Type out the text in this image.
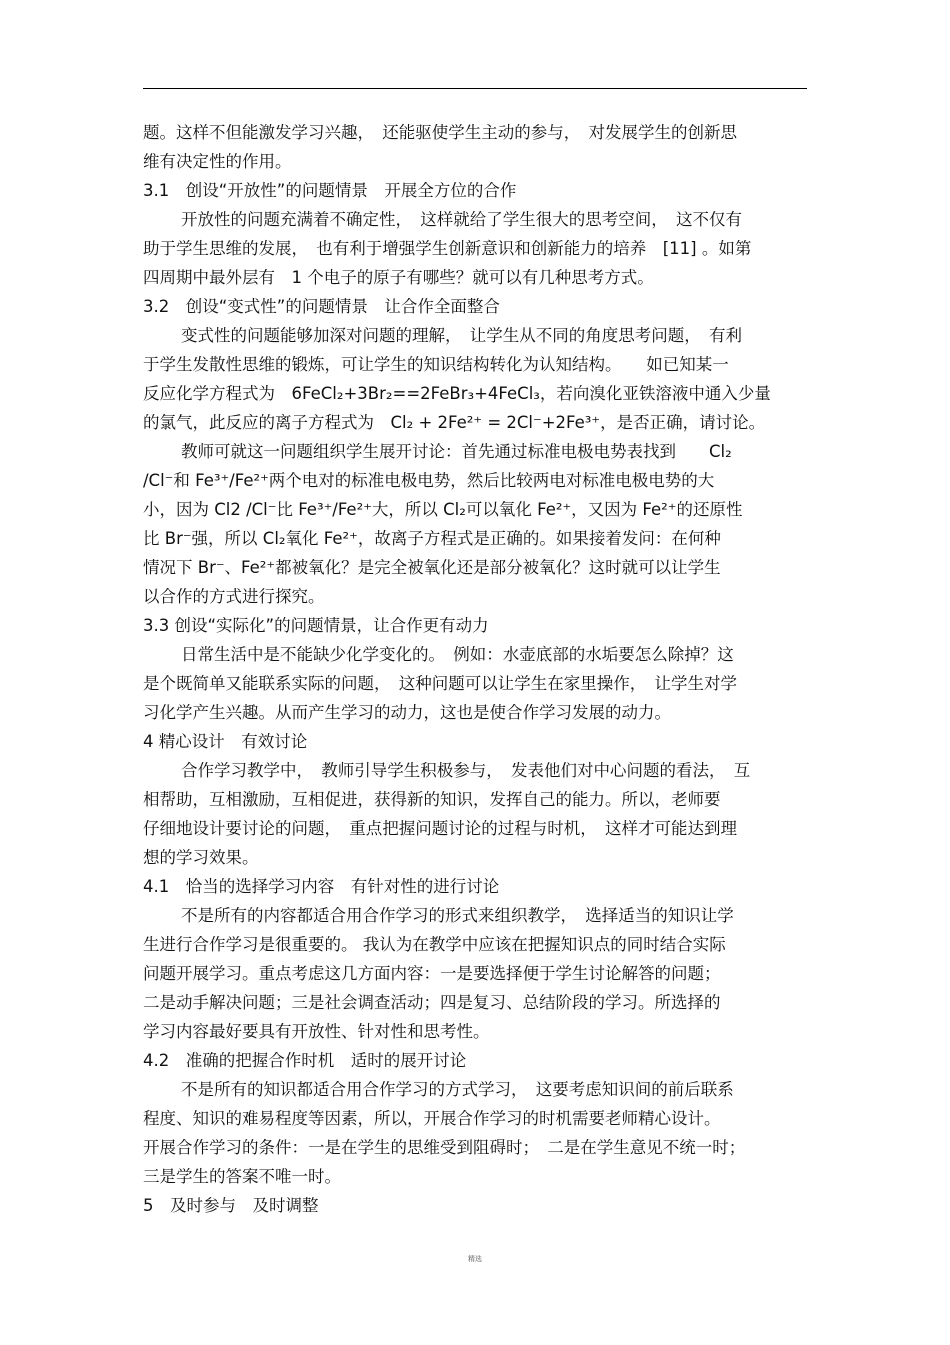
题。这样不但能激发学习兴趣，　还能驱使学生主动的参与，　对发展学生的创新思
维有决定性的作用。
3.1　创设“开放性”的问题情景　开展全方位的合作
开放性的问题充满着不确定性，　这样就给了学生很大的思考空间，　这不仅有
助于学生思维的发展，　也有利于增强学生创新意识和创新能力的培养　[11] 。如第
四周期中最外层有　1 个电子的原子有哪些？就可以有几种思考方式。
3.2　创设“变式性”的问题情景　让合作全面整合
变式性的问题能够加深对问题的理解，　让学生从不同的角度思考问题，　有利
于学生发散性思维的锻炼，可让学生的知识结构转化为认知结构。　　如已知某一
反应化学方程式为　6FeCl₂+3Br₂==2FeBr₃+4FeCl₃，若向溴化亚铁溶液中通入少量
的氯气，此反应的离子方程式为　Cl₂ + 2Fe²⁺ = 2Cl⁻+2Fe³⁺，是否正确，请讨论。
教师可就这一问题组织学生展开讨论：首先通过标准电极电势表找到　　Cl₂
/Cl⁻和 Fe³⁺/Fe²⁺两个电对的标准电极电势，然后比较两电对标准电极电势的大
小，因为 Cl2 /Cl⁻比 Fe³⁺/Fe²⁺大，所以 Cl₂可以氧化 Fe²⁺，又因为 Fe²⁺的还原性
比 Br⁻强，所以 Cl₂氧化 Fe²⁺，故离子方程式是正确的。如果接着发问：在何种
情况下 Br⁻、Fe²⁺都被氧化？是完全被氧化还是部分被氧化？这时就可以让学生
以合作的方式进行探究。
3.3 创设“实际化”的问题情景，让合作更有动力
日常生活中是不能缺少化学变化的。　例如：水壶底部的水垢要怎么除掉？这
是个既简单又能联系实际的问题，　这种问题可以让学生在家里操作，　让学生对学
习化学产生兴趣。从而产生学习的动力，这也是使合作学习发展的动力。
4 精心设计　有效讨论
合作学习教学中，　教师引导学生积极参与，　发表他们对中心问题的看法，　互
相帮助，互相激励，互相促进，获得新的知识，发挥自己的能力。所以，老师要
仔细地设计要讨论的问题，　重点把握问题讨论的过程与时机，　这样才可能达到理
想的学习效果。
4.1　恰当的选择学习内容　有针对性的进行讨论
不是所有的内容都适合用合作学习的形式来组织教学，　选择适当的知识让学
生进行合作学习是很重要的。 我认为在教学中应该在把握知识点的同时结合实际
问题开展学习。重点考虑这几方面内容：一是要选择便于学生讨论解答的问题；
二是动手解决问题；三是社会调查活动；四是复习、总结阶段的学习。所选择的
学习内容最好要具有开放性、针对性和思考性。
4.2　准确的把握合作时机　适时的展开讨论
不是所有的知识都适合用合作学习的方式学习，　这要考虑知识间的前后联系
程度、知识的难易程度等因素，所以，开展合作学习的时机需要老师精心设计。
开展合作学习的条件：一是在学生的思维受到阻碍时；　二是在学生意见不统一时；
三是学生的答案不唯一时。
5　及时参与　及时调整
精选
